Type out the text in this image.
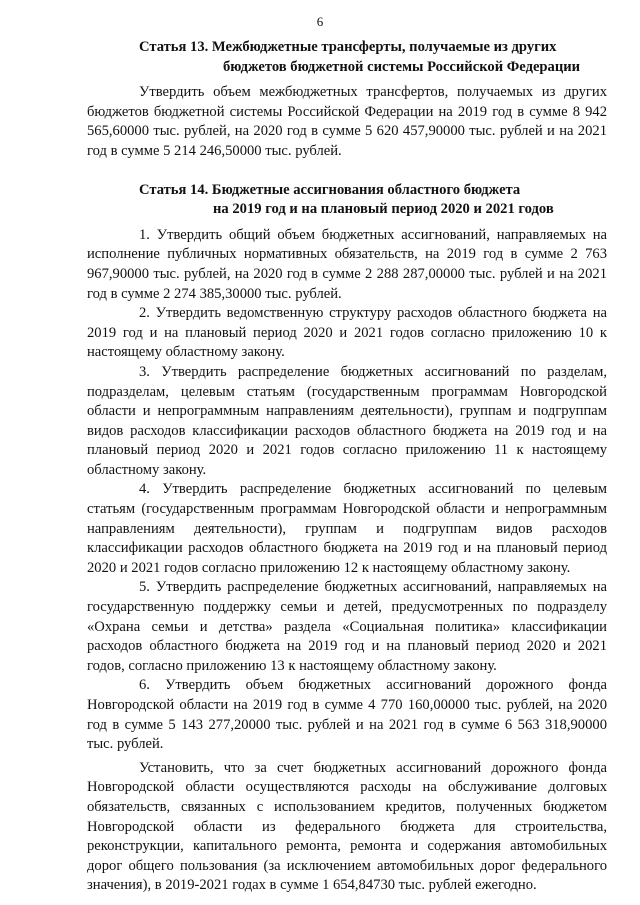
6
Статья 13. Межбюджетные трансферты, получаемые из других
бюджетов бюджетной системы Российской Федерации

Утвердить объем межбюджетных трансфертов, получаемых из других бюджетов бюджетной системы Российской Федерации на 2019 год в сумме 8 942 565,60000 тыс. рублей, на 2020 год в сумме 5 620 457,90000 тыс. рублей и на 2021 год в сумме 5 214 246,50000 тыс. рублей.

Статья 14. Бюджетные ассигнования областного бюджета
на 2019 год и на плановый период 2020 и 2021 годов

1. Утвердить общий объем бюджетных ассигнований, направляемых на исполнение публичных нормативных обязательств, на 2019 год в сумме 2 763 967,90000 тыс. рублей, на 2020 год в сумме 2 288 287,00000 тыс. рублей и на 2021 год в сумме 2 274 385,30000 тыс. рублей.

2. Утвердить ведомственную структуру расходов областного бюджета на 2019 год и на плановый период 2020 и 2021 годов согласно приложению 10 к настоящему областному закону.

3. Утвердить распределение бюджетных ассигнований по разделам, подразделам, целевым статьям (государственным программам Новгородской области и непрограммным направлениям деятельности), группам и подгруппам видов расходов классификации расходов областного бюджета на 2019 год и на плановый период 2020 и 2021 годов согласно приложению 11 к настоящему областному закону.

4. Утвердить распределение бюджетных ассигнований по целевым статьям (государственным программам Новгородской области и непрограммным направлениям деятельности), группам и подгруппам видов расходов классификации расходов областного бюджета на 2019 год и на плановый период 2020 и 2021 годов согласно приложению 12 к настоящему областному закону.

5. Утвердить распределение бюджетных ассигнований, направляемых на государственную поддержку семьи и детей, предусмотренных по подразделу «Охрана семьи и детства» раздела «Социальная политика» классификации расходов областного бюджета на 2019 год и на плановый период 2020 и 2021 годов, согласно приложению 13 к настоящему областному закону.

6. Утвердить объем бюджетных ассигнований дорожного фонда Новгородской области на 2019 год в сумме 4 770 160,00000 тыс. рублей, на 2020 год в сумме 5 143 277,20000 тыс. рублей и на 2021 год в сумме 6 563 318,90000 тыс. рублей.

Установить, что за счет бюджетных ассигнований дорожного фонда Новгородской области осуществляются расходы на обслуживание долговых обязательств, связанных с использованием кредитов, полученных бюджетом Новгородской области из федерального бюджета для строительства, реконструкции, капитального ремонта, ремонта и содержания автомобильных дорог общего пользования (за исключением автомобильных дорог федерального значения), в 2019-2021 годах в сумме 1 654,84730 тыс. рублей ежегодно.
